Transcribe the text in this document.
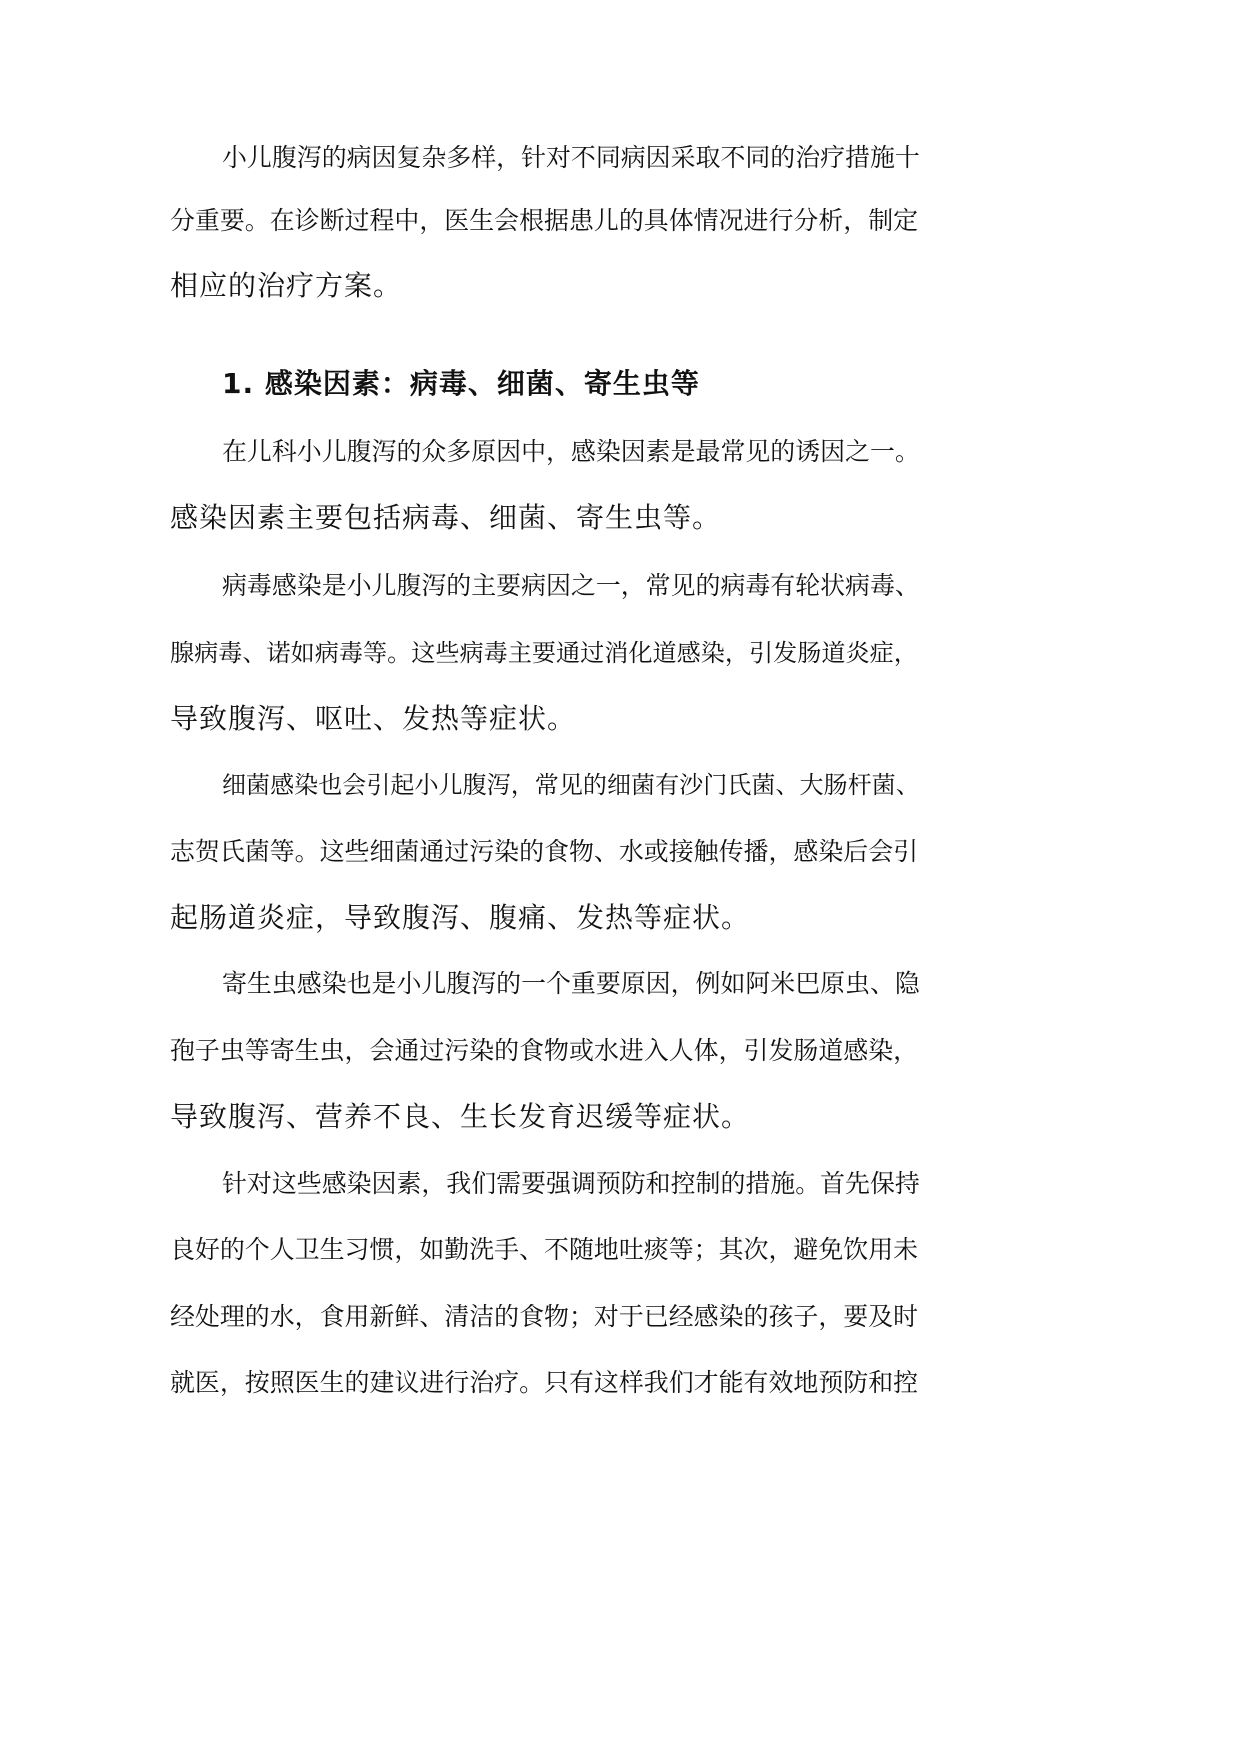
小儿腹泻的病因复杂多样，针对不同病因采取不同的治疗措施十

分重要。在诊断过程中，医生会根据患儿的具体情况进行分析，制定

相应的治疗方案。

1. 感染因素：病毒、细菌、寄生虫等

在儿科小儿腹泻的众多原因中，感染因素是最常见的诱因之一。

感染因素主要包括病毒、细菌、寄生虫等。

病毒感染是小儿腹泻的主要病因之一，常见的病毒有轮状病毒、

腺病毒、诺如病毒等。这些病毒主要通过消化道感染，引发肠道炎症，

导致腹泻、呕吐、发热等症状。

细菌感染也会引起小儿腹泻，常见的细菌有沙门氏菌、大肠杆菌、

志贺氏菌等。这些细菌通过污染的食物、水或接触传播，感染后会引

起肠道炎症，导致腹泻、腹痛、发热等症状。

寄生虫感染也是小儿腹泻的一个重要原因，例如阿米巴原虫、隐

孢子虫等寄生虫，会通过污染的食物或水进入人体，引发肠道感染，

导致腹泻、营养不良、生长发育迟缓等症状。

针对这些感染因素，我们需要强调预防和控制的措施。首先保持

良好的个人卫生习惯，如勤洗手、不随地吐痰等；其次，避免饮用未

经处理的水，食用新鲜、清洁的食物；对于已经感染的孩子，要及时

就医，按照医生的建议进行治疗。只有这样我们才能有效地预防和控
